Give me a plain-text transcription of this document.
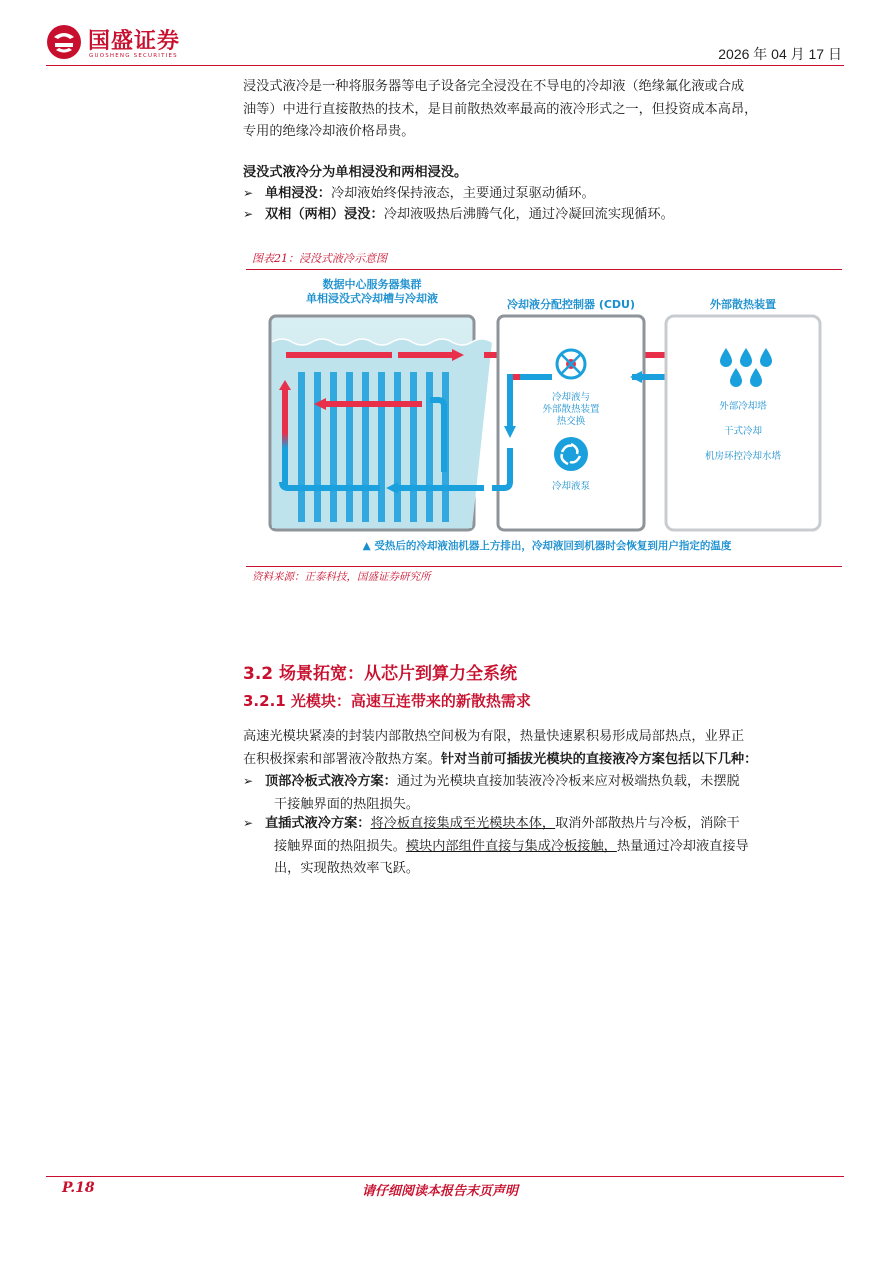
国盛证券
GUOSHENG SECURITIES	2026 年 04 月 17 日
浸没式液冷是一种将服务器等电子设备完全浸没在不导电的冷却液（绝缘氟化液或合成
油等）中进行直接散热的技术，是目前散热效率最高的液冷形式之一，但投资成本高昂，
专用的绝缘冷却液价格昂贵。
浸没式液冷分为单相浸没和两相浸没。
➢ 单相浸没：冷却液始终保持液态，主要通过泵驱动循环。
➢ 双相（两相）浸没：冷却液吸热后沸腾气化，通过冷凝回流实现循环。
图表21：浸没式液冷示意图
数据中心服务器集群
单相浸没式冷却槽与冷却液	冷却液分配控制器 (CDU)	外部散热装置
冷却液与
外部散热装置
热交换
冷却液泵
外部冷却塔
干式冷却
机房环控冷却水塔
▲ 受热后的冷却液油机器上方排出，冷却液回到机器时会恢复到用户指定的温度
资料来源：正泰科技，国盛证券研究所
3.2 场景拓宽：从芯片到算力全系统
3.2.1 光模块：高速互连带来的新散热需求
高速光模块紧凑的封装内部散热空间极为有限，热量快速累积易形成局部热点，业界正
在积极探索和部署液冷散热方案。针对当前可插拔光模块的直接液冷方案包括以下几种：
➢ 顶部冷板式液冷方案：通过为光模块直接加装液冷冷板来应对极端热负载，未摆脱
干接触界面的热阻损失。
➢ 直插式液冷方案：将冷板直接集成至光模块本体，取消外部散热片与冷板，消除干
接触界面的热阻损失。模块内部组件直接与集成冷板接触，热量通过冷却液直接导
出，实现散热效率飞跃。
P.18	请仔细阅读本报告末页声明
